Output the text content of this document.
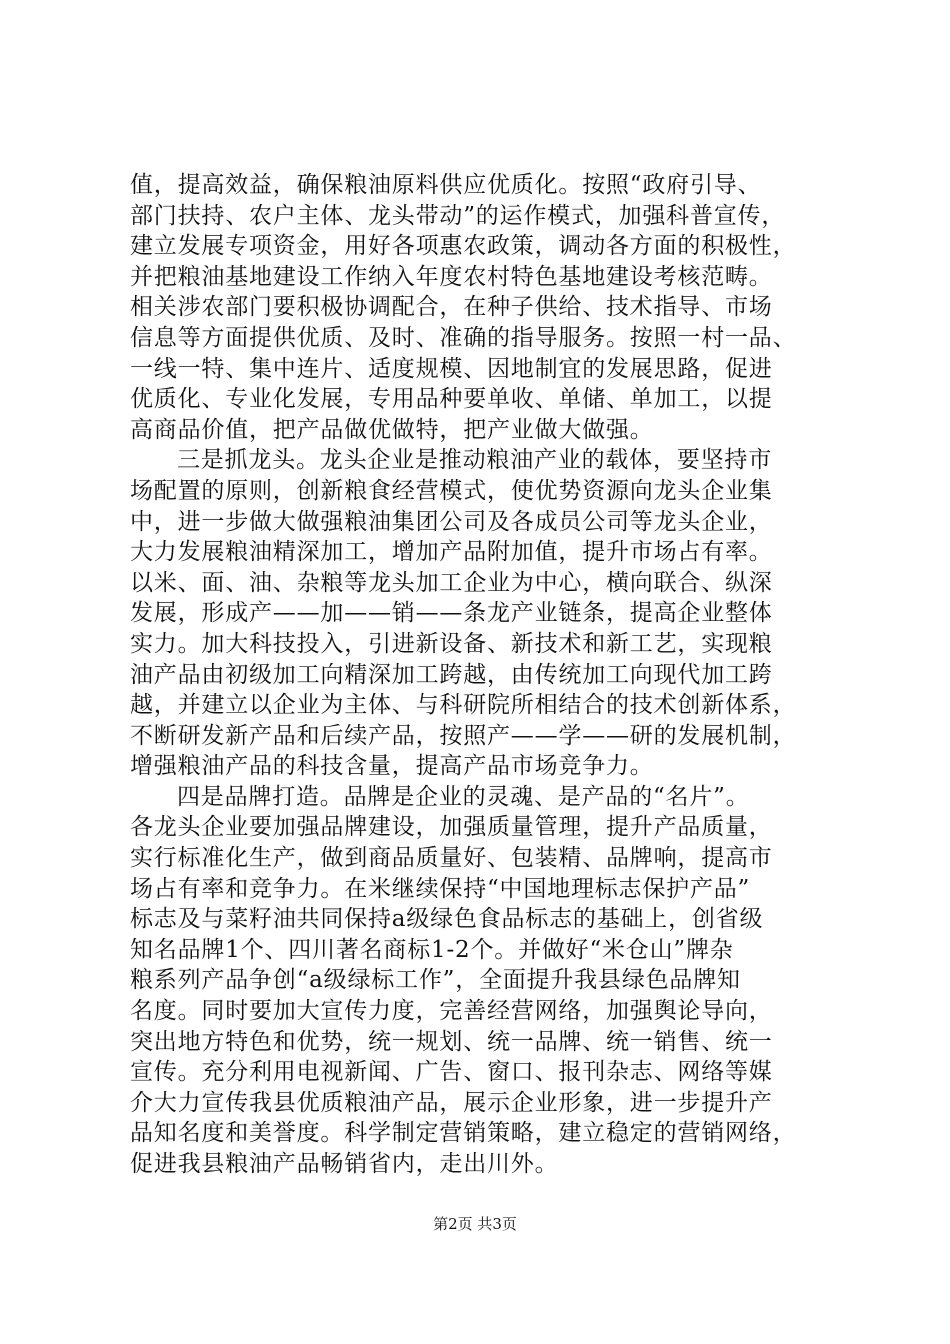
值，提高效益，确保粮油原料供应优质化。按照“政府引导、
部门扶持、农户主体、龙头带动”的运作模式，加强科普宣传，
建立发展专项资金，用好各项惠农政策，调动各方面的积极性，
并把粮油基地建设工作纳入年度农村特色基地建设考核范畴。
相关涉农部门要积极协调配合，在种子供给、技术指导、市场
信息等方面提供优质、及时、准确的指导服务。按照一村一品、
一线一特、集中连片、适度规模、因地制宜的发展思路，促进
优质化、专业化发展，专用品种要单收、单储、单加工，以提
高商品价值，把产品做优做特，把产业做大做强。
三是抓龙头。龙头企业是推动粮油产业的载体，要坚持市
场配置的原则，创新粮食经营模式，使优势资源向龙头企业集
中，进一步做大做强粮油集团公司及各成员公司等龙头企业，
大力发展粮油精深加工，增加产品附加值，提升市场占有率。
以米、面、油、杂粮等龙头加工企业为中心，横向联合、纵深
发展，形成产——加——销——条龙产业链条，提高企业整体
实力。加大科技投入，引进新设备、新技术和新工艺，实现粮
油产品由初级加工向精深加工跨越，由传统加工向现代加工跨
越，并建立以企业为主体、与科研院所相结合的技术创新体系，
不断研发新产品和后续产品，按照产——学——研的发展机制，
增强粮油产品的科技含量，提高产品市场竞争力。
四是品牌打造。品牌是企业的灵魂、是产品的“名片”。
各龙头企业要加强品牌建设，加强质量管理，提升产品质量，
实行标准化生产，做到商品质量好、包装精、品牌响，提高市
场占有率和竞争力。在米继续保持“中国地理标志保护产品”
标志及与菜籽油共同保持a级绿色食品标志的基础上，创省级
知名品牌1个、四川著名商标1-2个。并做好“米仓山”牌杂
粮系列产品争创“a级绿标工作”，全面提升我县绿色品牌知
名度。同时要加大宣传力度，完善经营网络，加强舆论导向，
突出地方特色和优势，统一规划、统一品牌、统一销售、统一
宣传。充分利用电视新闻、广告、窗口、报刊杂志、网络等媒
介大力宣传我县优质粮油产品，展示企业形象，进一步提升产
品知名度和美誉度。科学制定营销策略，建立稳定的营销网络，
促进我县粮油产品畅销省内，走出川外。
第2页 共3页
